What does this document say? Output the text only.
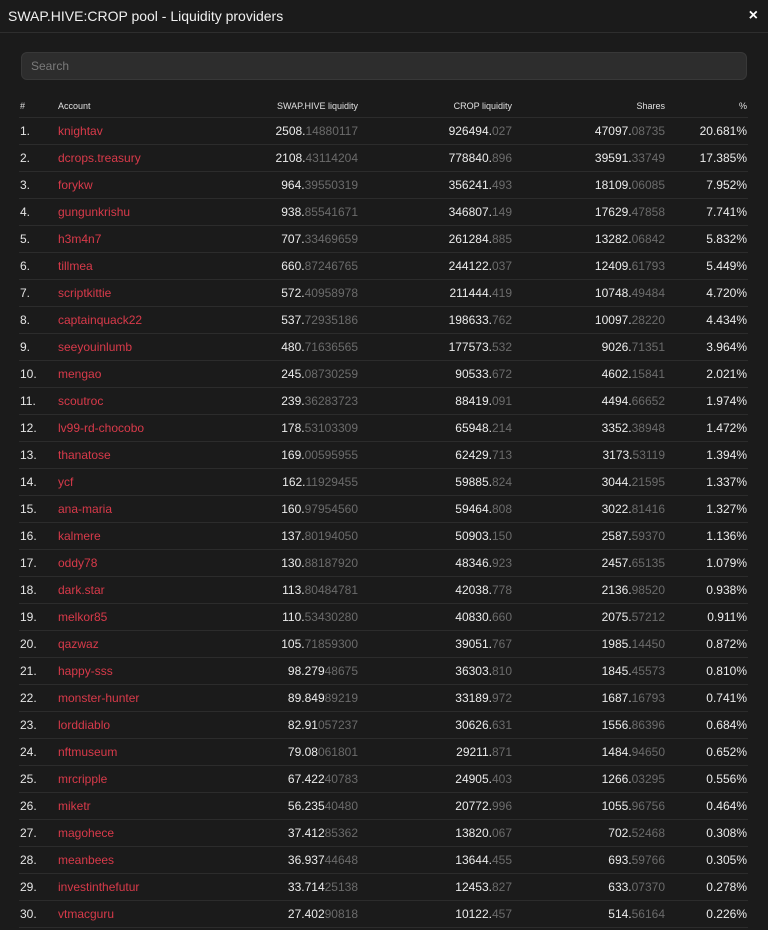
SWAP.HIVE:CROP pool - Liquidity providers	×
Search
#	Account	SWAP.HIVE liquidity	CROP liquidity	Shares	%
1.	knightav	2508.14880117	926494.027	47097.08735	20.681%
2.	dcrops.treasury	2108.43114204	778840.896	39591.33749	17.385%
3.	forykw	964.39550319	356241.493	18109.06085	7.952%
4.	gungunkrishu	938.85541671	346807.149	17629.47858	7.741%
5.	h3m4n7	707.33469659	261284.885	13282.06842	5.832%
6.	tillmea	660.87246765	244122.037	12409.61793	5.449%
7.	scriptkittie	572.40958978	211444.419	10748.49484	4.720%
8.	captainquack22	537.72935186	198633.762	10097.28220	4.434%
9.	seeyouinlumb	480.71636565	177573.532	9026.71351	3.964%
10.	mengao	245.08730259	90533.672	4602.15841	2.021%
11.	scoutroc	239.36283723	88419.091	4494.66652	1.974%
12.	lv99-rd-chocobo	178.53103309	65948.214	3352.38948	1.472%
13.	thanatose	169.00595955	62429.713	3173.53119	1.394%
14.	ycf	162.11929455	59885.824	3044.21595	1.337%
15.	ana-maria	160.97954560	59464.808	3022.81416	1.327%
16.	kalmere	137.80194050	50903.150	2587.59370	1.136%
17.	oddy78	130.88187920	48346.923	2457.65135	1.079%
18.	dark.star	113.80484781	42038.778	2136.98520	0.938%
19.	melkor85	110.53430280	40830.660	2075.57212	0.911%
20.	qazwaz	105.71859300	39051.767	1985.14450	0.872%
21.	happy-sss	98.27948675	36303.810	1845.45573	0.810%
22.	monster-hunter	89.84989219	33189.972	1687.16793	0.741%
23.	lorddiablo	82.91057237	30626.631	1556.86396	0.684%
24.	nftmuseum	79.08061801	29211.871	1484.94650	0.652%
25.	mrcripple	67.42240783	24905.403	1266.03295	0.556%
26.	miketr	56.23540480	20772.996	1055.96756	0.464%
27.	magohece	37.41285362	13820.067	702.52468	0.308%
28.	meanbees	36.93744648	13644.455	693.59766	0.305%
29.	investinthefutur	33.71425138	12453.827	633.07370	0.278%
30.	vtmacguru	27.40290818	10122.457	514.56164	0.226%
